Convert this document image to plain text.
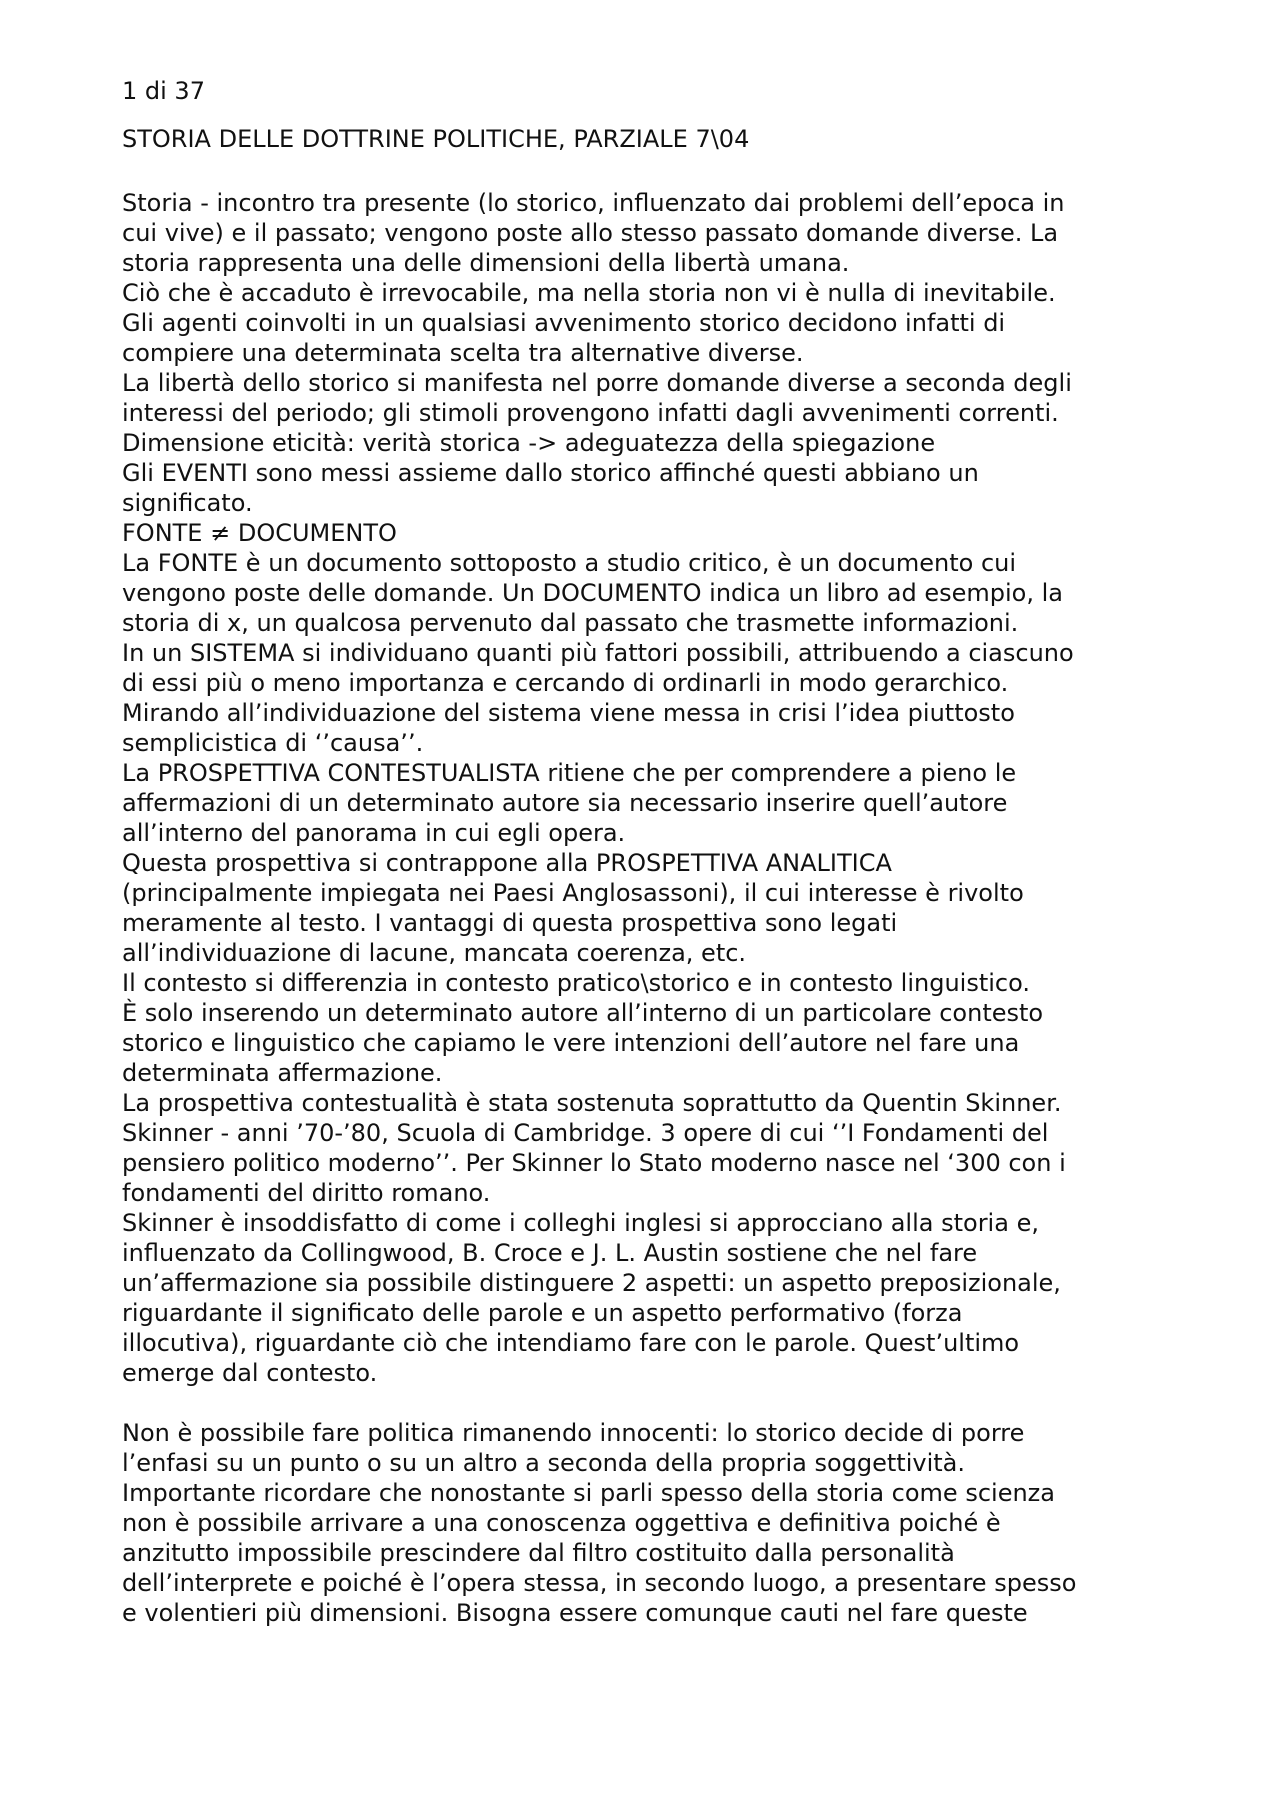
1 di 37
STORIA DELLE DOTTRINE POLITICHE, PARZIALE 7\04
Storia - incontro tra presente (lo storico, influenzato dai problemi dell’epoca in
cui vive) e il passato; vengono poste allo stesso passato domande diverse. La
storia rappresenta una delle dimensioni della libertà umana.
Ciò che è accaduto è irrevocabile, ma nella storia non vi è nulla di inevitabile.
Gli agenti coinvolti in un qualsiasi avvenimento storico decidono infatti di
compiere una determinata scelta tra alternative diverse.
La libertà dello storico si manifesta nel porre domande diverse a seconda degli
interessi del periodo; gli stimoli provengono infatti dagli avvenimenti correnti.
Dimensione eticità: verità storica -> adeguatezza della spiegazione
Gli EVENTI sono messi assieme dallo storico affinché questi abbiano un
significato.
FONTE ≠ DOCUMENTO
La FONTE è un documento sottoposto a studio critico, è un documento cui
vengono poste delle domande. Un DOCUMENTO indica un libro ad esempio, la
storia di x, un qualcosa pervenuto dal passato che trasmette informazioni.
In un SISTEMA si individuano quanti più fattori possibili, attribuendo a ciascuno
di essi più o meno importanza e cercando di ordinarli in modo gerarchico.
Mirando all’individuazione del sistema viene messa in crisi l’idea piuttosto
semplicistica di ‘’causa’’.
La PROSPETTIVA CONTESTUALISTA ritiene che per comprendere a pieno le
affermazioni di un determinato autore sia necessario inserire quell’autore
all’interno del panorama in cui egli opera.
Questa prospettiva si contrappone alla PROSPETTIVA ANALITICA
(principalmente impiegata nei Paesi Anglosassoni), il cui interesse è rivolto
meramente al testo. I vantaggi di questa prospettiva sono legati
all’individuazione di lacune, mancata coerenza, etc.
Il contesto si differenzia in contesto pratico\storico e in contesto linguistico.
È solo inserendo un determinato autore all’interno di un particolare contesto
storico e linguistico che capiamo le vere intenzioni dell’autore nel fare una
determinata affermazione.
La prospettiva contestualità è stata sostenuta soprattutto da Quentin Skinner.
Skinner - anni ’70-’80, Scuola di Cambridge. 3 opere di cui ‘’I Fondamenti del
pensiero politico moderno’’. Per Skinner lo Stato moderno nasce nel ‘300 con i
fondamenti del diritto romano.
Skinner è insoddisfatto di come i colleghi inglesi si approcciano alla storia e,
influenzato da Collingwood, B. Croce e J. L. Austin sostiene che nel fare
un’affermazione sia possibile distinguere 2 aspetti: un aspetto preposizionale,
riguardante il significato delle parole e un aspetto performativo (forza
illocutiva), riguardante ciò che intendiamo fare con le parole. Quest’ultimo
emerge dal contesto.
Non è possibile fare politica rimanendo innocenti: lo storico decide di porre
l’enfasi su un punto o su un altro a seconda della propria soggettività.
Importante ricordare che nonostante si parli spesso della storia come scienza
non è possibile arrivare a una conoscenza oggettiva e definitiva poiché è
anzitutto impossibile prescindere dal filtro costituito dalla personalità
dell’interprete e poiché è l’opera stessa, in secondo luogo, a presentare spesso
e volentieri più dimensioni. Bisogna essere comunque cauti nel fare queste
